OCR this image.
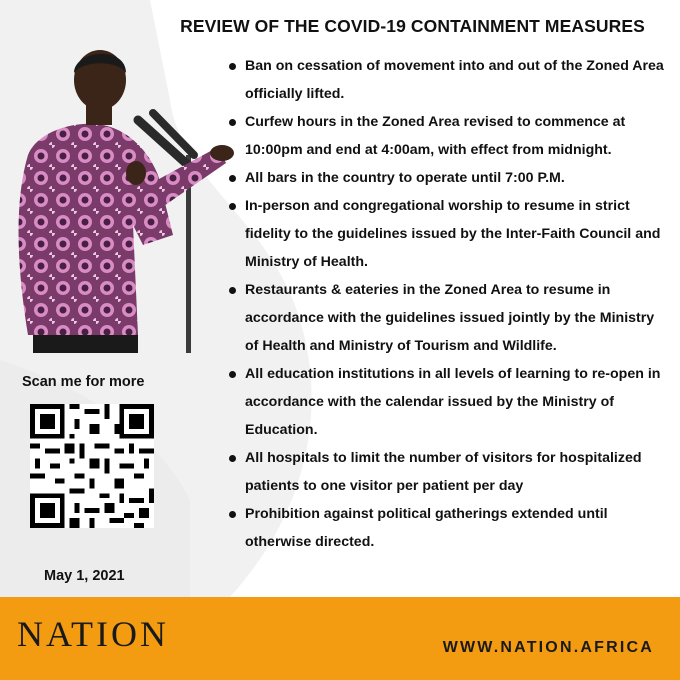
REVIEW OF THE COVID-19 CONTAINMENT MEASURES
Ban on cessation of movement into and out of the Zoned Area officially lifted.
Curfew hours in the Zoned Area revised to commence at 10:00pm and end at 4:00am, with effect from midnight.
All bars in the country to operate until 7:00 P.M.
In-person and congregational worship to resume in strict fidelity to the guidelines issued by the Inter-Faith Council and Ministry of Health.
Restaurants & eateries in the Zoned Area to resume in accordance with the guidelines issued jointly by the Ministry of Health and Ministry of Tourism and Wildlife.
All education institutions in all levels of learning to re-open in accordance with the calendar issued by the Ministry of Education.
All hospitals to limit the number of visitors for hospitalized patients to one visitor per patient per day
Prohibition against political gatherings extended until otherwise directed.
Scan me for more
May 1, 2021
NATION	WWW.NATION.AFRICA
